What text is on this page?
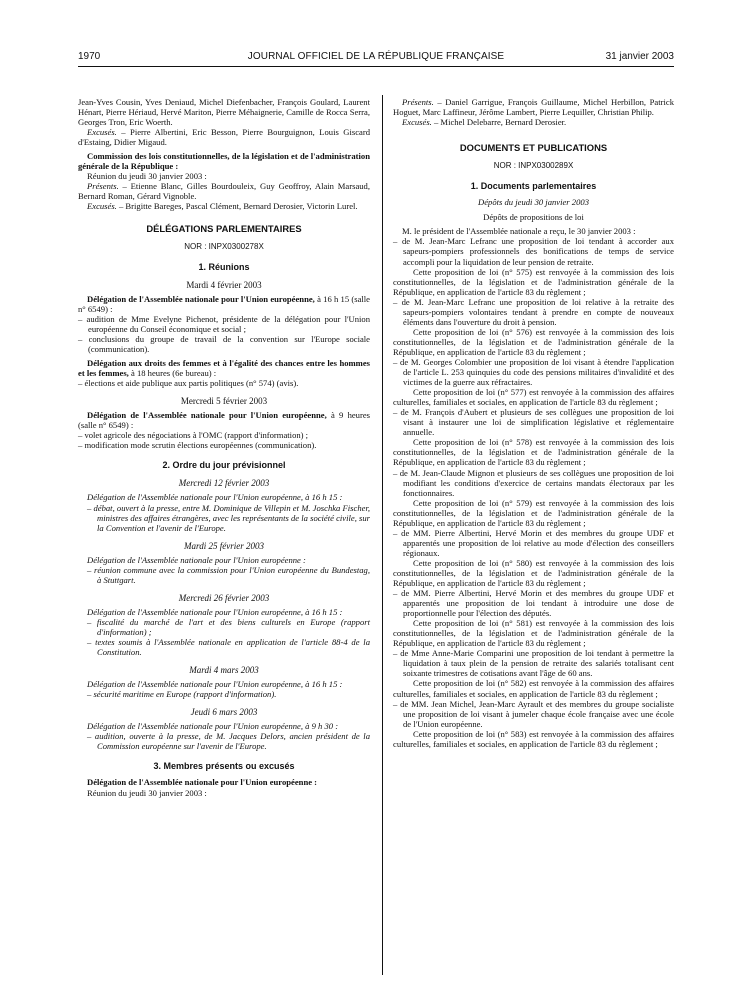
1970	JOURNAL OFFICIEL DE LA RÉPUBLIQUE FRANÇAISE	31 janvier 2003

Jean-Yves Cousin, Yves Deniaud, Michel Diefenbacher, François Goulard, Laurent Hénart, Pierre Hériaud, Hervé Mariton, Pierre Méhaignerie, Camille de Rocca Serra, Georges Tron, Eric Woerth.

Excusés. – Pierre Albertini, Eric Besson, Pierre Bourguignon, Louis Giscard d'Estaing, Didier Migaud.

Commission des lois constitutionnelles, de la législation et de l'administration générale de la République :

Réunion du jeudi 30 janvier 2003 :

Présents. – Etienne Blanc, Gilles Bourdouleix, Guy Geoffroy, Alain Marsaud, Bernard Roman, Gérard Vignoble.

Excusés. – Brigitte Bareges, Pascal Clément, Bernard Derosier, Victorin Lurel.

DÉLÉGATIONS PARLEMENTAIRES
NOR : INPX0300278X
1. Réunions
Mardi 4 février 2003

Délégation de l'Assemblée nationale pour l'Union européenne, à 16 h 15 (salle n° 6549) :

– audition de Mme Evelyne Pichenot, présidente de la délégation pour l'Union européenne du Conseil économique et social ;

– conclusions du groupe de travail de la convention sur l'Europe sociale (communication).

Délégation aux droits des femmes et à l'égalité des chances entre les hommes et les femmes, à 18 heures (6e bureau) :

– élections et aide publique aux partis politiques (n° 574) (avis).

Mercredi 5 février 2003

Délégation de l'Assemblée nationale pour l'Union européenne, à 9 heures (salle n° 6549) :

– volet agricole des négociations à l'OMC (rapport d'information) ;

– modification mode scrutin élections européennes (communication).

2. Ordre du jour prévisionnel
Mercredi 12 février 2003

Délégation de l'Assemblée nationale pour l'Union européenne, à 16 h 15 :

– débat, ouvert à la presse, entre M. Dominique de Villepin et M. Joschka Fischer, ministres des affaires étrangères, avec les représentants de la société civile, sur la Convention et l'avenir de l'Europe.

Mardi 25 février 2003

Délégation de l'Assemblée nationale pour l'Union européenne :

– réunion commune avec la commission pour l'Union européenne du Bundestag, à Stuttgart.

Mercredi 26 février 2003

Délégation de l'Assemblée nationale pour l'Union européenne, à 16 h 15 :

– fiscalité du marché de l'art et des biens culturels en Europe (rapport d'information) ;

– textes soumis à l'Assemblée nationale en application de l'article 88-4 de la Constitution.

Mardi 4 mars 2003

Délégation de l'Assemblée nationale pour l'Union européenne, à 16 h 15 :

– sécurité maritime en Europe (rapport d'information).

Jeudi 6 mars 2003

Délégation de l'Assemblée nationale pour l'Union européenne, à 9 h 30 :

– audition, ouverte à la presse, de M. Jacques Delors, ancien président de la Commission européenne sur l'avenir de l'Europe.

3. Membres présents ou excusés

Délégation de l'Assemblée nationale pour l'Union européenne :

Réunion du jeudi 30 janvier 2003 :

Présents. – Daniel Garrigue, François Guillaume, Michel Herbillon, Patrick Hoguet, Marc Laffineur, Jérôme Lambert, Pierre Lequiller, Christian Philip.

Excusés. – Michel Delebarre, Bernard Derosier.

DOCUMENTS ET PUBLICATIONS
NOR : INPX0300289X
1. Documents parlementaires
Dépôts du jeudi 30 janvier 2003
Dépôts de propositions de loi

M. le président de l'Assemblée nationale a reçu, le 30 janvier 2003 :

– de M. Jean-Marc Lefranc une proposition de loi tendant à accorder aux sapeurs-pompiers professionnels des bonifications de temps de service accompli pour la liquidation de leur pension de retraite.

Cette proposition de loi (n° 575) est renvoyée à la commission des lois constitutionnelles, de la législation et de l'administration générale de la République, en application de l'article 83 du règlement ;

– de M. Jean-Marc Lefranc une proposition de loi relative à la retraite des sapeurs-pompiers volontaires tendant à prendre en compte de nouveaux éléments dans l'ouverture du droit à pension.

Cette proposition de loi (n° 576) est renvoyée à la commission des lois constitutionnelles, de la législation et de l'administration générale de la République, en application de l'article 83 du règlement ;

– de M. Georges Colombier une proposition de loi visant à étendre l'application de l'article L. 253 quinquies du code des pensions militaires d'invalidité et des victimes de la guerre aux réfractaires.

Cette proposition de loi (n° 577) est renvoyée à la commission des affaires culturelles, familiales et sociales, en application de l'article 83 du règlement ;

– de M. François d'Aubert et plusieurs de ses collègues une proposition de loi visant à instaurer une loi de simplification législative et réglementaire annuelle.

Cette proposition de loi (n° 578) est renvoyée à la commission des lois constitutionnelles, de la législation et de l'administration générale de la République, en application de l'article 83 du règlement ;

– de M. Jean-Claude Mignon et plusieurs de ses collègues une proposition de loi modifiant les conditions d'exercice de certains mandats électoraux par les fonctionnaires.

Cette proposition de loi (n° 579) est renvoyée à la commission des lois constitutionnelles, de la législation et de l'administration générale de la République, en application de l'article 83 du règlement ;

– de MM. Pierre Albertini, Hervé Morin et des membres du groupe UDF et apparentés une proposition de loi relative au mode d'élection des conseillers régionaux.

Cette proposition de loi (n° 580) est renvoyée à la commission des lois constitutionnelles, de la législation et de l'administration générale de la République, en application de l'article 83 du règlement ;

– de MM. Pierre Albertini, Hervé Morin et des membres du groupe UDF et apparentés une proposition de loi tendant à introduire une dose de proportionnelle pour l'élection des députés.

Cette proposition de loi (n° 581) est renvoyée à la commission des lois constitutionnelles, de la législation et de l'administration générale de la République, en application de l'article 83 du règlement ;

– de Mme Anne-Marie Comparini une proposition de loi tendant à permettre la liquidation à taux plein de la pension de retraite des salariés totalisant cent soixante trimestres de cotisations avant l'âge de 60 ans.

Cette proposition de loi (n° 582) est renvoyée à la commission des affaires culturelles, familiales et sociales, en application de l'article 83 du règlement ;

– de MM. Jean Michel, Jean-Marc Ayrault et des membres du groupe socialiste une proposition de loi visant à jumeler chaque école française avec une école de l'Union européenne.

Cette proposition de loi (n° 583) est renvoyée à la commission des affaires culturelles, familiales et sociales, en application de l'article 83 du règlement ;
